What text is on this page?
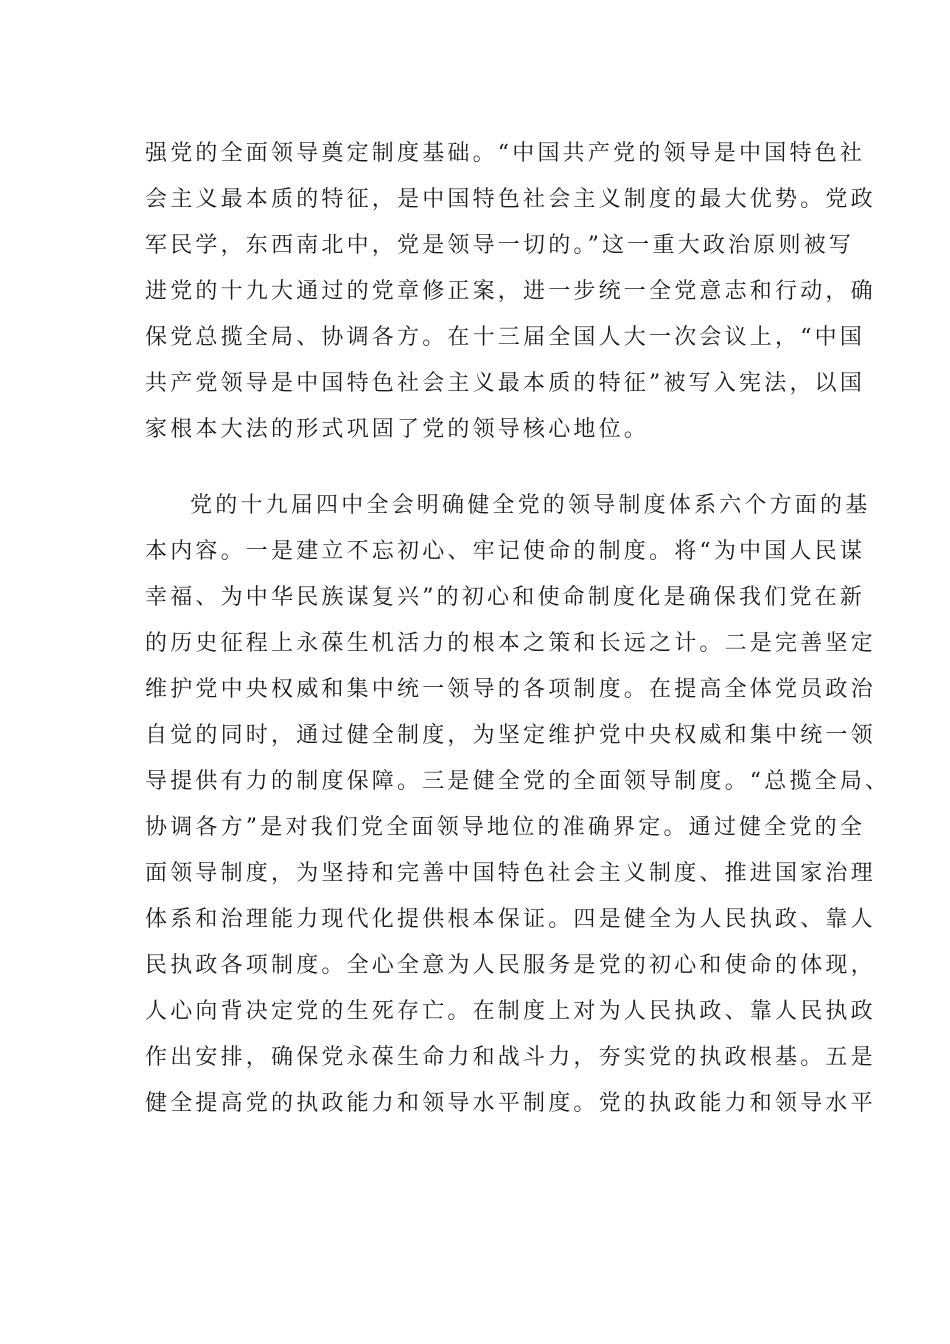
强党的全面领导奠定制度基础。“中国共产党的领导是中国特色社
会主义最本质的特征，是中国特色社会主义制度的最大优势。党政
军民学，东西南北中，党是领导一切的。”这一重大政治原则被写
进党的十九大通过的党章修正案，进一步统一全党意志和行动，确
保党总揽全局、协调各方。在十三届全国人大一次会议上，“中国
共产党领导是中国特色社会主义最本质的特征”被写入宪法，以国
家根本大法的形式巩固了党的领导核心地位。
党的十九届四中全会明确健全党的领导制度体系六个方面的基
本内容。一是建立不忘初心、牢记使命的制度。将“为中国人民谋
幸福、为中华民族谋复兴”的初心和使命制度化是确保我们党在新
的历史征程上永葆生机活力的根本之策和长远之计。二是完善坚定
维护党中央权威和集中统一领导的各项制度。在提高全体党员政治
自觉的同时，通过健全制度，为坚定维护党中央权威和集中统一领
导提供有力的制度保障。三是健全党的全面领导制度。“总揽全局、
协调各方”是对我们党全面领导地位的准确界定。通过健全党的全
面领导制度，为坚持和完善中国特色社会主义制度、推进国家治理
体系和治理能力现代化提供根本保证。四是健全为人民执政、靠人
民执政各项制度。全心全意为人民服务是党的初心和使命的体现，
人心向背决定党的生死存亡。在制度上对为人民执政、靠人民执政
作出安排，确保党永葆生命力和战斗力，夯实党的执政根基。五是
健全提高党的执政能力和领导水平制度。党的执政能力和领导水平
